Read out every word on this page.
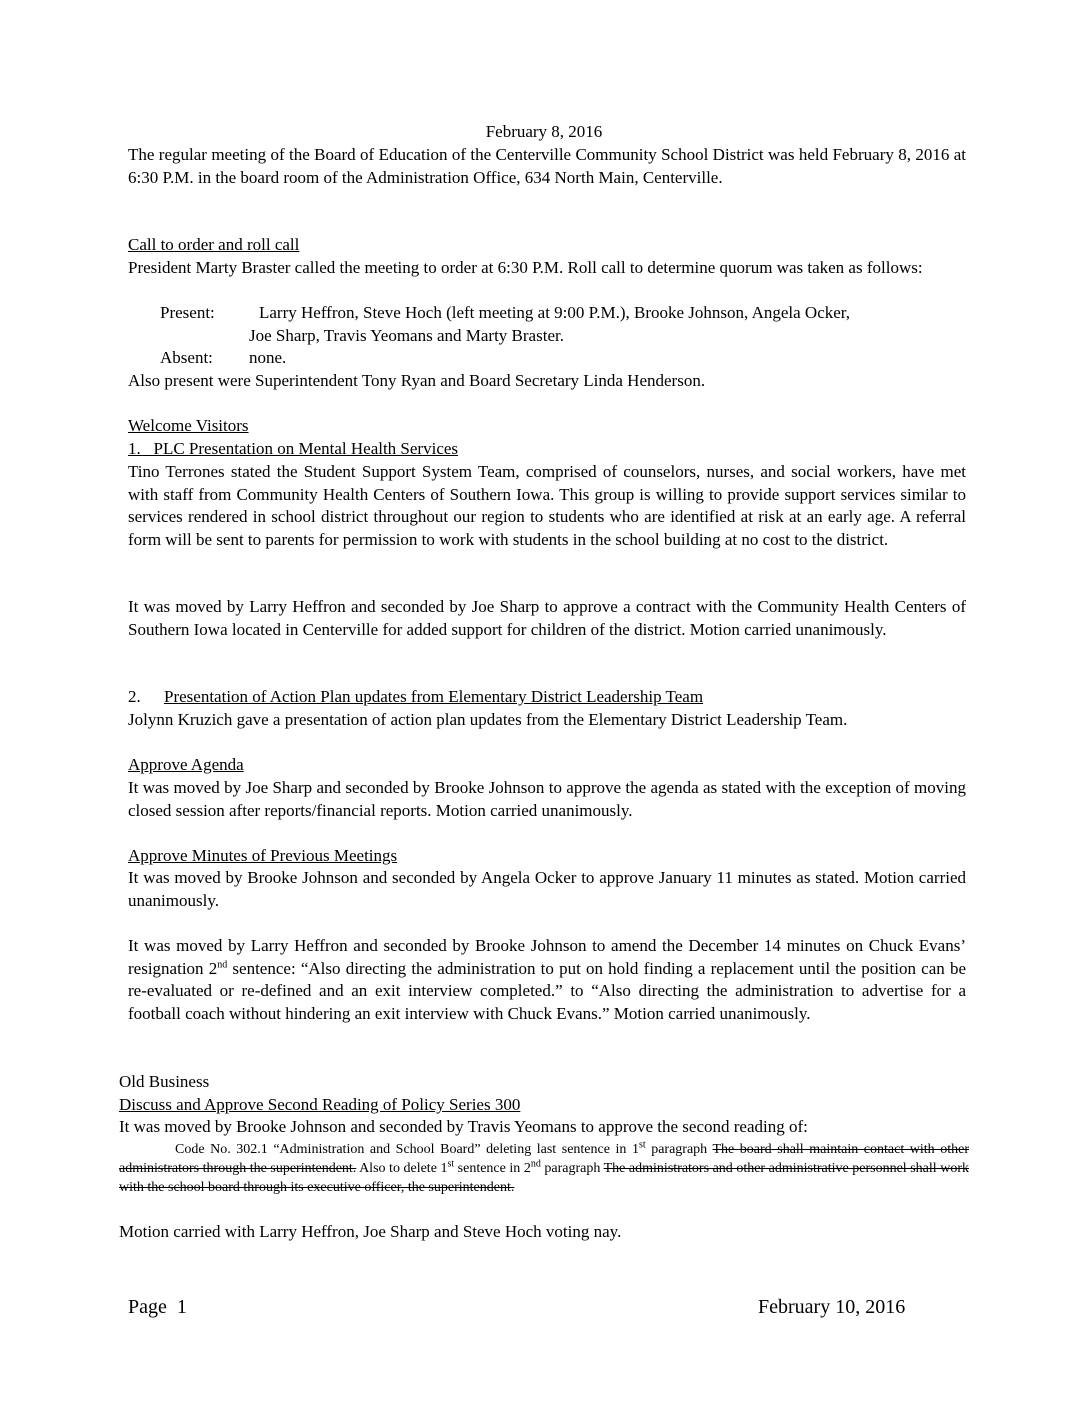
February 8, 2016

The regular meeting of the Board of Education of the Centerville Community School District was held February 8, 2016 at 6:30 P.M. in the board room of the Administration Office, 634 North Main, Centerville.

Call to order and roll call

President Marty Braster called the meeting to order at 6:30 P.M. Roll call to determine quorum was taken as follows:

Present:	Larry Heffron, Steve Hoch (left meeting at 9:00 P.M.), Brooke Johnson, Angela Ocker,
Joe Sharp, Travis Yeomans and Marty Braster.
Absent: none.
Also present were Superintendent Tony Ryan and Board Secretary Linda Henderson.
Welcome Visitors
1.   PLC Presentation on Mental Health Services

Tino Terrones stated the Student Support System Team, comprised of counselors, nurses, and social workers, have met with staff from Community Health Centers of Southern Iowa. This group is willing to provide support services similar to services rendered in school district throughout our region to students who are identified at risk at an early age. A referral form will be sent to parents for permission to work with students in the school building at no cost to the district.

It was moved by Larry Heffron and seconded by Joe Sharp to approve a contract with the Community Health Centers of Southern Iowa located in Centerville for added support for children of the district. Motion carried unanimously.

2. Presentation of Action Plan updates from Elementary District Leadership Team
Jolynn Kruzich gave a presentation of action plan updates from the Elementary District Leadership Team.
Approve Agenda

It was moved by Joe Sharp and seconded by Brooke Johnson to approve the agenda as stated with the exception of moving closed session after reports/financial reports. Motion carried unanimously.

Approve Minutes of Previous Meetings

It was moved by Brooke Johnson and seconded by Angela Ocker to approve January 11 minutes as stated. Motion carried unanimously.

It was moved by Larry Heffron and seconded by Brooke Johnson to amend the December 14 minutes on Chuck Evans’ resignation 2nd sentence: “Also directing the administration to put on hold finding a replacement until the position can be re-evaluated or re-defined and an exit interview completed.” to “Also directing the administration to advertise for a football coach without hindering an exit interview with Chuck Evans.” Motion carried unanimously.

Old Business
Discuss and Approve Second Reading of Policy Series 300
It was moved by Brooke Johnson and seconded by Travis Yeomans to approve the second reading of:

Code No. 302.1 “Administration and School Board” deleting last sentence in 1st paragraph The board shall maintain contact with other administrators through the superintendent. Also to delete 1st sentence in 2nd paragraph The administrators and other administrative personnel shall work with the school board through its executive officer, the superintendent.

Motion carried with Larry Heffron, Joe Sharp and Steve Hoch voting nay.
Page  1	February 10, 2016
